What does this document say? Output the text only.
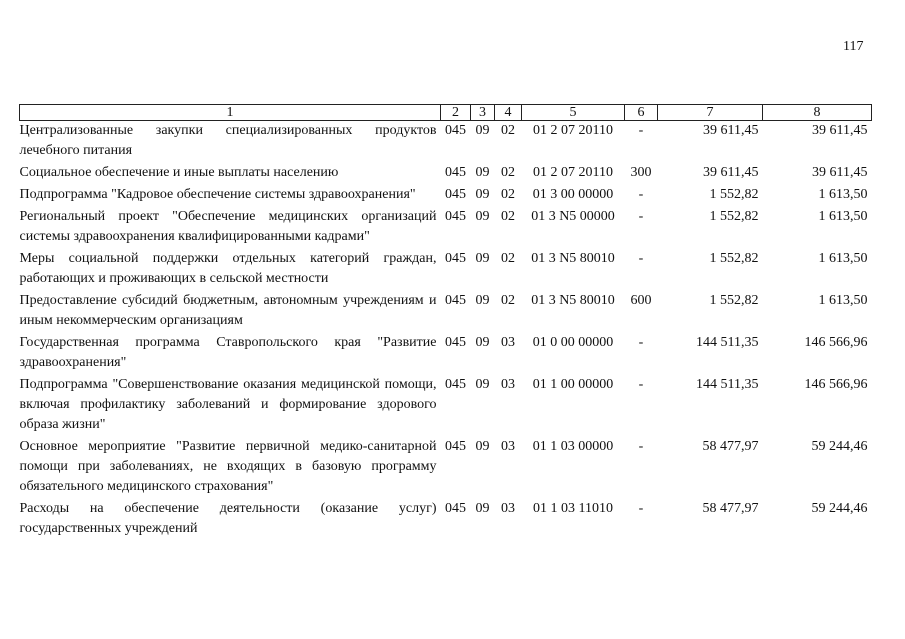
117
1	2	3	4	5	6	7	8
Централизованные закупки специализированных продуктов лечебного питания	045	09	02	01 2 07 20110	-	39 611,45	39 611,45
Социальное обеспечение и иные выплаты населению	045	09	02	01 2 07 20110	300	39 611,45	39 611,45
Подпрограмма "Кадровое обеспечение системы здравоохранения"	045	09	02	01 3 00 00000	-	1 552,82	1 613,50
Региональный проект "Обеспечение медицинских организаций системы здравоохранения квалифицированными кадрами"	045	09	02	01 3 N5 00000	-	1 552,82	1 613,50
Меры социальной поддержки отдельных категорий граждан, работающих и проживающих в сельской местности	045	09	02	01 3 N5 80010	-	1 552,82	1 613,50
Предоставление субсидий бюджетным, автономным учреждениям и иным некоммерческим организациям	045	09	02	01 3 N5 80010	600	1 552,82	1 613,50
Государственная программа Ставропольского края "Развитие здравоохранения"	045	09	03	01 0 00 00000	-	144 511,35	146 566,96
Подпрограмма "Совершенствование оказания медицинской помощи, включая профилактику заболеваний и формирование здорового образа жизни"	045	09	03	01 1 00 00000	-	144 511,35	146 566,96
Основное мероприятие "Развитие первичной медико-санитарной помощи при заболеваниях, не входящих в базовую программу обязательного медицинского страхования"	045	09	03	01 1 03 00000	-	58 477,97	59 244,46
Расходы на обеспечение деятельности (оказание услуг) государственных учреждений	045	09	03	01 1 03 11010	-	58 477,97	59 244,46
